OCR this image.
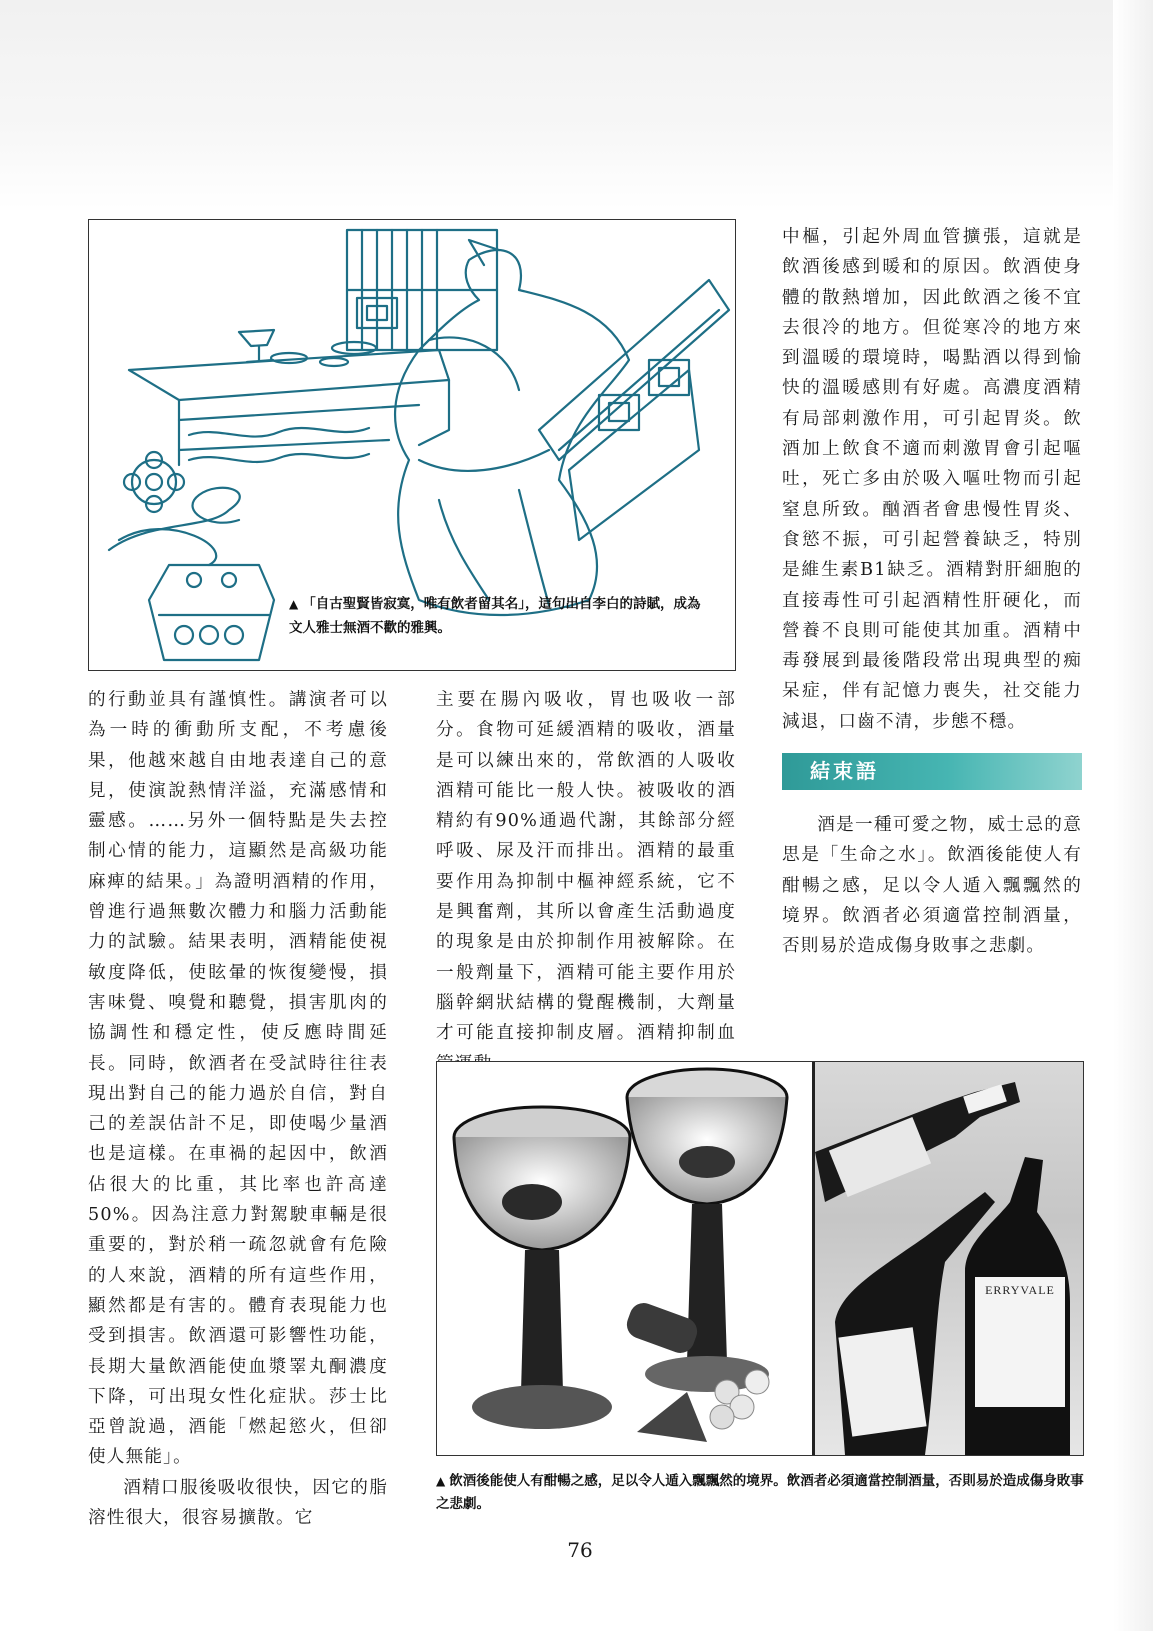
▲ 「自古聖賢皆寂寞，唯有飲者留其名」，這句出自李白的詩賦，成為文人雅士無酒不歡的雅興。

的行動並具有謹慎性。講演者可以為一時的衝動所支配，不考慮後果，他越來越自由地表達自己的意見，使演說熱情洋溢，充滿感情和靈感。……另外一個特點是失去控制心情的能力，這顯然是高級功能麻痺的結果。」為證明酒精的作用，曾進行過無數次體力和腦力活動能力的試驗。結果表明，酒精能使視敏度降低，使眩暈的恢復變慢，損害味覺、嗅覺和聽覺，損害肌肉的協調性和穩定性，使反應時間延長。同時，飲酒者在受試時往往表現出對自己的能力過於自信，對自己的差誤估計不足，即使喝少量酒也是這樣。在車禍的起因中，飲酒佔很大的比重，其比率也許高達50%。因為注意力對駕駛車輛是很重要的，對於稍一疏忽就會有危險的人來說，酒精的所有這些作用，顯然都是有害的。體育表現能力也受到損害。飲酒還可影響性功能，長期大量飲酒能使血漿睪丸酮濃度下降，可出現女性化症狀。莎士比亞曾說過，酒能「燃起慾火，但卻使人無能」。

酒精口服後吸收很快，因它的脂溶性很大，很容易擴散。它

主要在腸內吸收，胃也吸收一部分。食物可延緩酒精的吸收，酒量是可以練出來的，常飲酒的人吸收酒精可能比一般人快。被吸收的酒精約有90%通過代謝，其餘部分經呼吸、尿及汗而排出。酒精的最重要作用為抑制中樞神經系統，它不是興奮劑，其所以會產生活動過度的現象是由於抑制作用被解除。在一般劑量下，酒精可能主要作用於腦幹網狀結構的覺醒機制，大劑量才可能直接抑制皮層。酒精抑制血

中樞，引起外周血管擴張，這就是飲酒後感到暖和的原因。飲酒使身體的散熱增加，因此飲酒之後不宜去很冷的地方。但從寒冷的地方來到溫暖的環境時，喝點酒以得到愉快的溫暖感則有好處。高濃度酒精有局部刺激作用，可引起胃炎。飲酒加上飲食不適而刺激胃會引起嘔吐，死亡多由於吸入嘔吐物而引起窒息所致。酗酒者會患慢性胃炎、食慾不振，可引起營養缺乏，特別是維生素B1缺乏。酒精對肝細胞的直接毒性可引起酒精性肝硬化，而營養不良則可能使其加重。酒精中毒發展到最後階段常出現典型的痴呆症，伴有記憶力喪失，社交能力減退，口齒不清，步態不穩。

結束語

酒是一種可愛之物，威士忌的意思是「生命之水」。飲酒後能使人有酣暢之感，足以令人遁入飄飄然的境界。飲酒者必須適當控制酒量，否則易於造成傷身敗事之悲劇。

ERRYVALE
▲ 飲酒後能使人有酣暢之感，足以令人遁入飄飄然的境界。飲酒者必須適當控制酒量，否則易於造成傷身敗事之悲劇。
76
